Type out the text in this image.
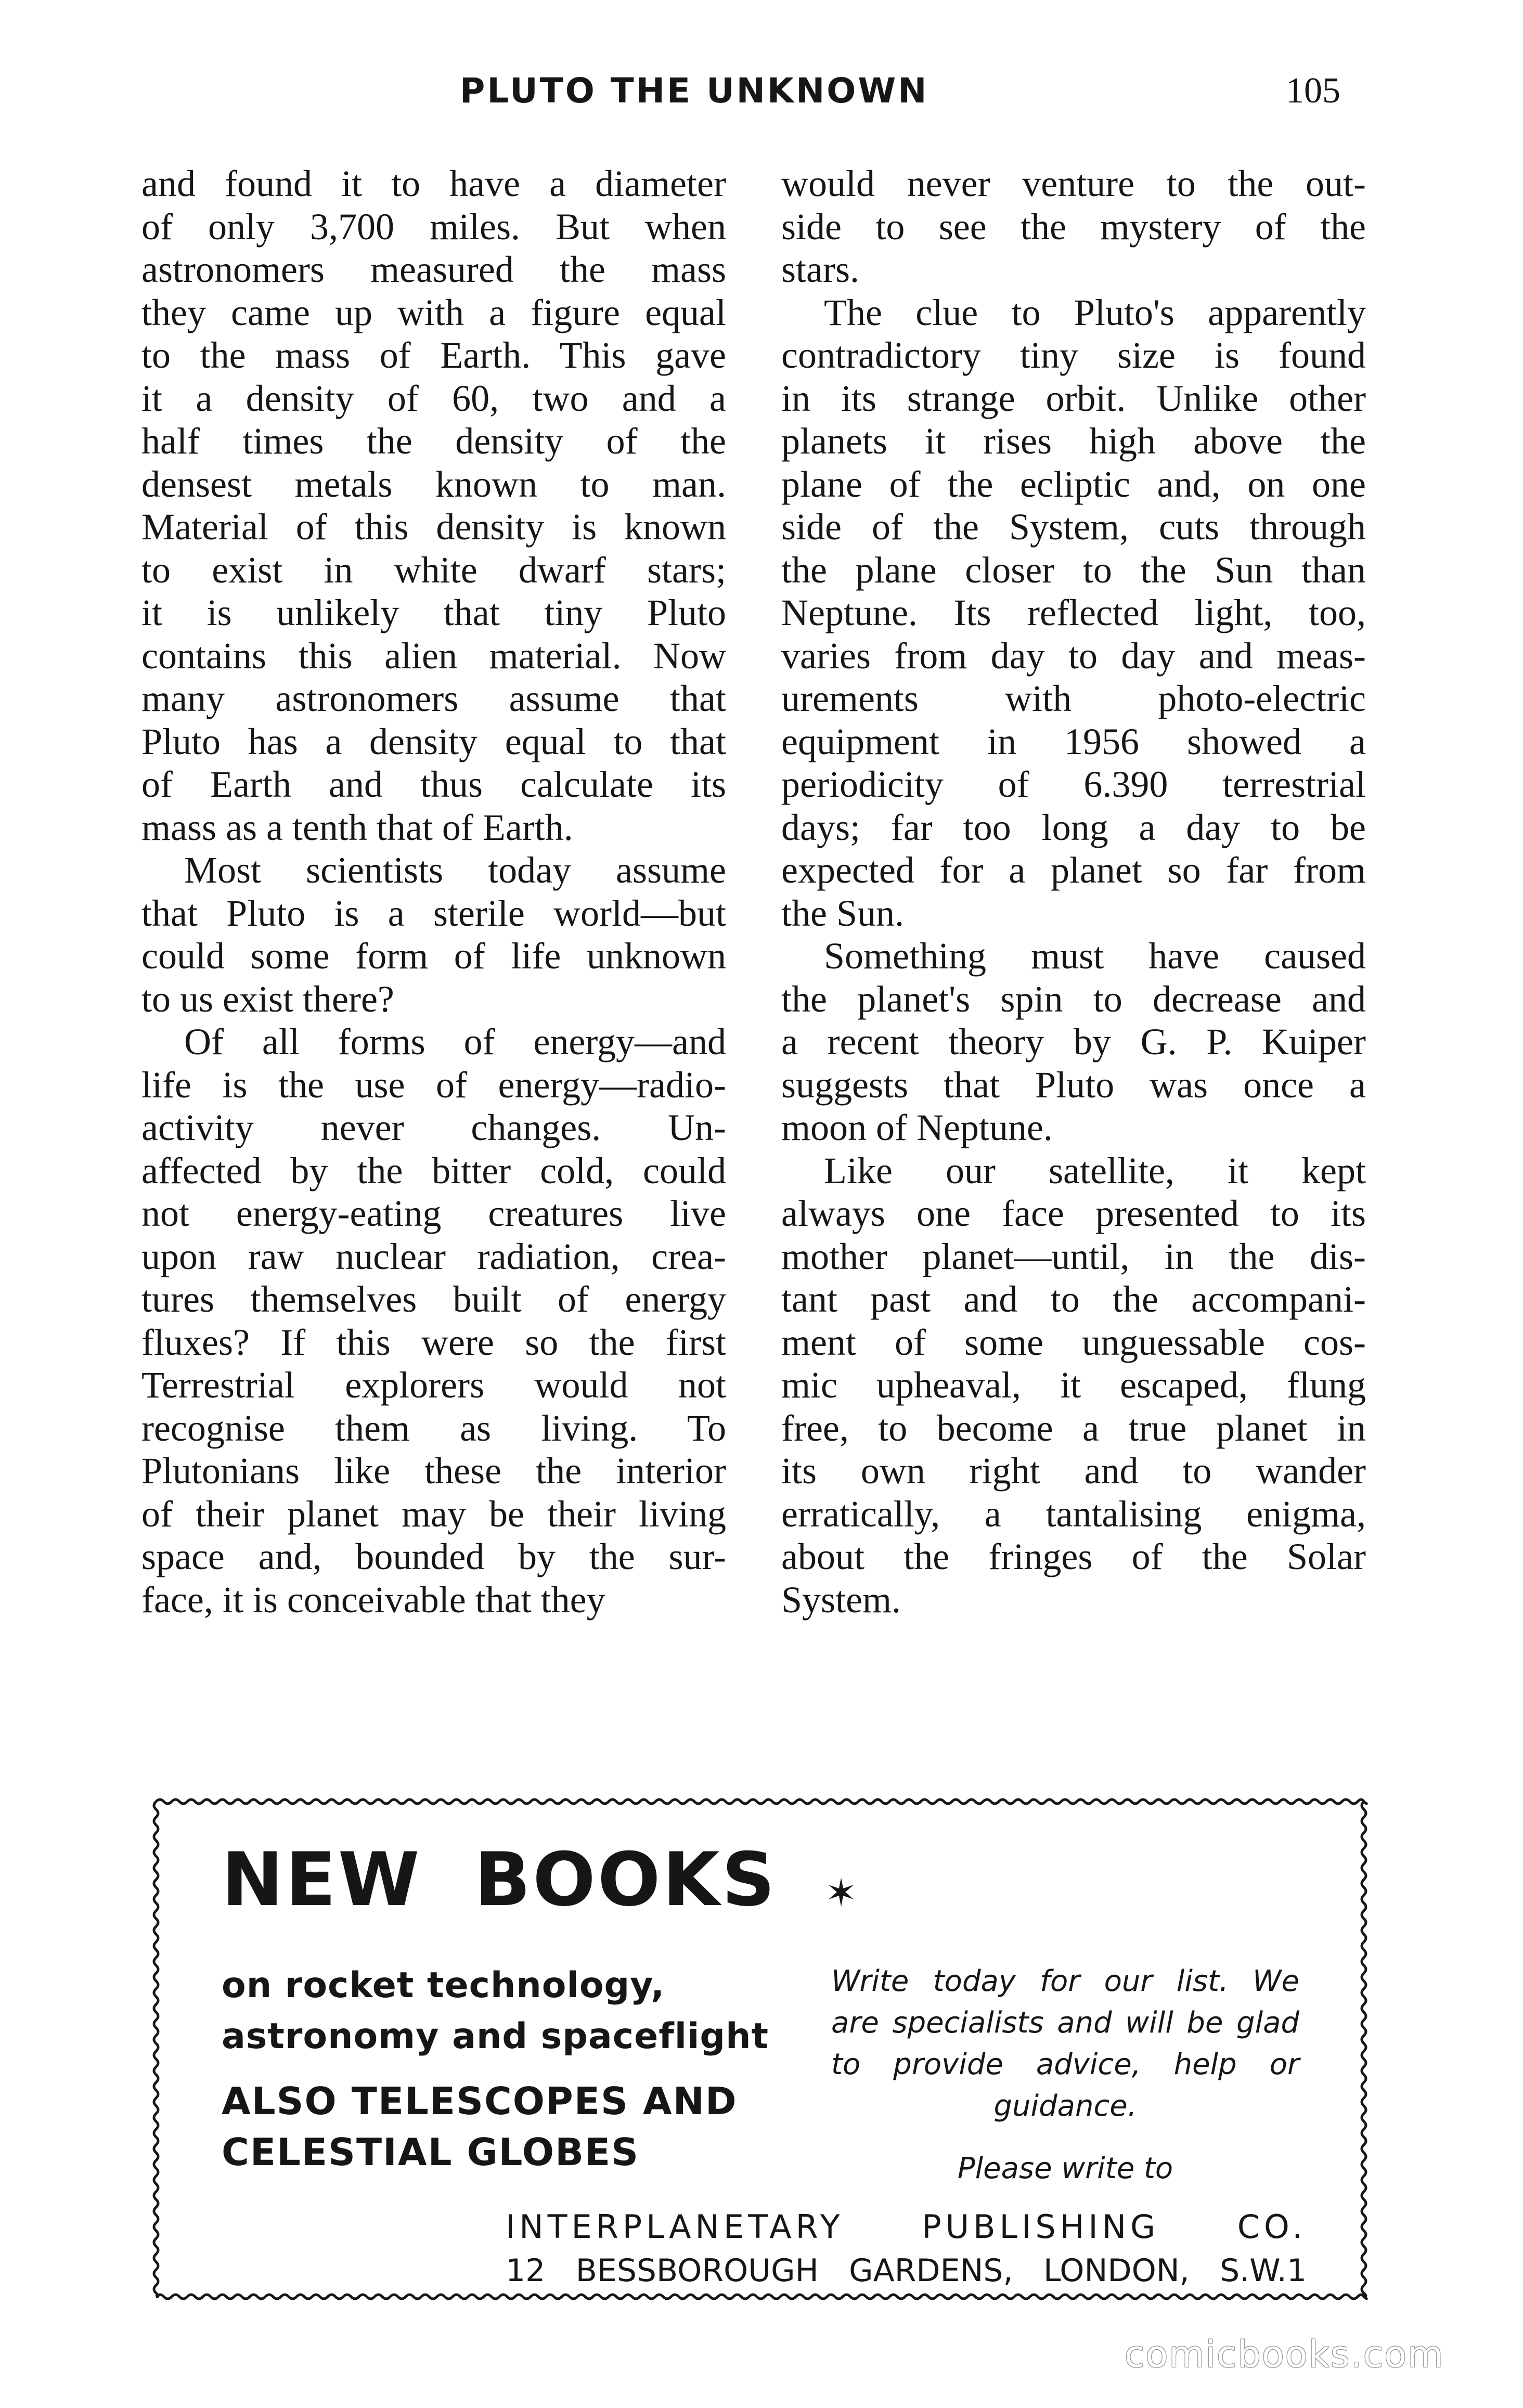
PLUTO THE UNKNOWN	105
and found it to have a diameter
of only 3,700 miles. But when
astronomers measured the mass
they came up with a figure equal
to the mass of Earth. This gave
it a density of 60, two and a
half times the density of the
densest metals known to man.
Material of this density is known
to exist in white dwarf stars;
it is unlikely that tiny Pluto
contains this alien material. Now
many astronomers assume that
Pluto has a density equal to that
of Earth and thus calculate its
mass as a tenth that of Earth.
Most scientists today assume
that Pluto is a sterile world—but
could some form of life unknown
to us exist there?
Of all forms of energy—and
life is the use of energy—radio-
activity never changes. Un-
affected by the bitter cold, could
not energy-eating creatures live
upon raw nuclear radiation, crea-
tures themselves built of energy
fluxes? If this were so the first
Terrestrial explorers would not
recognise them as living. To
Plutonians like these the interior
of their planet may be their living
space and, bounded by the sur-
face, it is conceivable that they
would never venture to the out-
side to see the mystery of the
stars.
The clue to Pluto's apparently
contradictory tiny size is found
in its strange orbit. Unlike other
planets it rises high above the
plane of the ecliptic and, on one
side of the System, cuts through
the plane closer to the Sun than
Neptune. Its reflected light, too,
varies from day to day and meas-
urements with photo-electric
equipment in 1956 showed a
periodicity of 6.390 terrestrial
days; far too long a day to be
expected for a planet so far from
the Sun.
Something must have caused
the planet's spin to decrease and
a recent theory by G. P. Kuiper
suggests that Pluto was once a
moon of Neptune.
Like our satellite, it kept
always one face presented to its
mother planet—until, in the dis-
tant past and to the accompani-
ment of some unguessable cos-
mic upheaval, it escaped, flung
free, to become a true planet in
its own right and to wander
erratically, a tantalising enigma,
about the fringes of the Solar
System.
NEW BOOKS ✶
on rocket technology,
astronomy and spaceflight
ALSO TELESCOPES AND
CELESTIAL GLOBES
Write today for our list. We
are specialists and will be glad
to provide advice, help or
guidance.
Please write to
INTERPLANETARY PUBLISHING CO.
12 BESSBOROUGH GARDENS, LONDON, S.W.1
comicbooks.com
